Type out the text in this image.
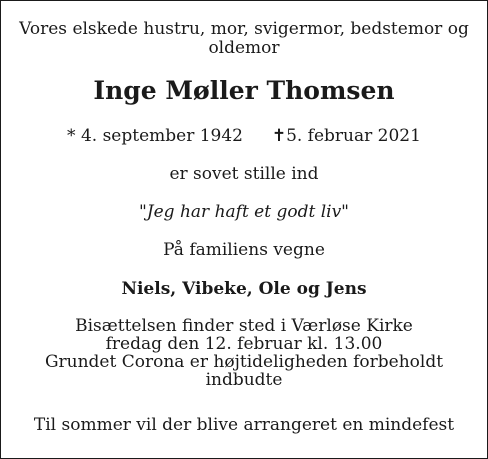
Vores elskede hustru, mor, svigermor, bedstemor og
oldemor
Inge Møller Thomsen
* 4. september 1942 ✝5. februar 2021
er sovet stille ind
"Jeg har haft et godt liv"
På familiens vegne
Niels, Vibeke, Ole og Jens
Bisættelsen finder sted i Værløse Kirke
fredag den 12. februar kl. 13.00
Grundet Corona er højtideligheden forbeholdt
indbudte
Til sommer vil der blive arrangeret en mindefest
